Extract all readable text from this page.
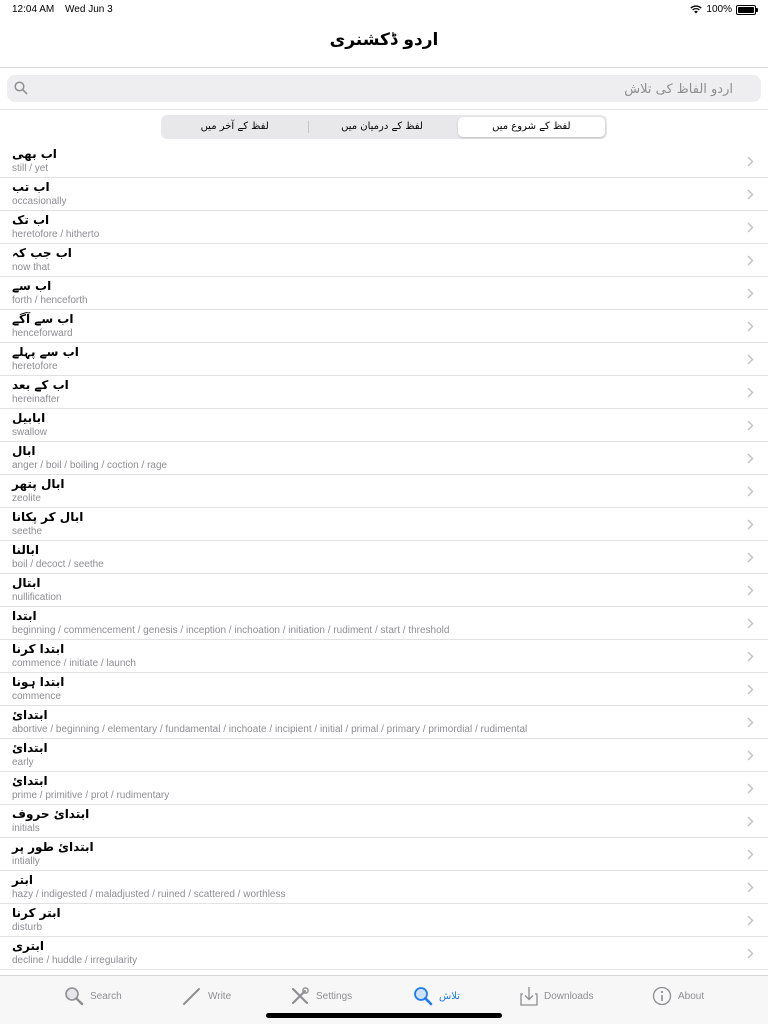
12:04 AM Wed Jun 3	100%
اردو ڈکشنری
اردو الفاظ کی تلاش
لفظ کے شروع میں
لفظ کے درمیان میں
لفظ کے آخر میں
اب بھی
still / yet
اب تب
occasionally
اب تک
heretofore / hitherto
اب جب کہ
now that
اب سے
forth / henceforth
اب سے آگے
henceforward
اب سے پہلے
heretofore
اب کے بعد
hereinafter
ابابیل
swallow
ابال
anger / boil / boiling / coction / rage
ابال پتھر
zeolite
ابال کر پکانا
seethe
ابالنا
boil / decoct / seethe
ابتال
nullification
ابتدا
beginning / commencement / genesis / inception / inchoation / initiation / rudiment / start / threshold
ابتدا کرنا
commence / initiate / launch
ابتدا ہونا
commence
ابتدائ
abortive / beginning / elementary / fundamental / inchoate / incipient / initial / primal / primary / primordial / rudimental
ابتدائ
early
ابتدائ
prime / primitive / prot / rudimentary
ابتدائ حروف
initials
ابتدائ طور پر
intially
ابتر
hazy / indigested / maladjusted / ruined / scattered / worthless
ابتر کرنا
disturb
ابتری
decline / huddle / irregularity
Search	Write	Settings	تلاش	Downloads	About
